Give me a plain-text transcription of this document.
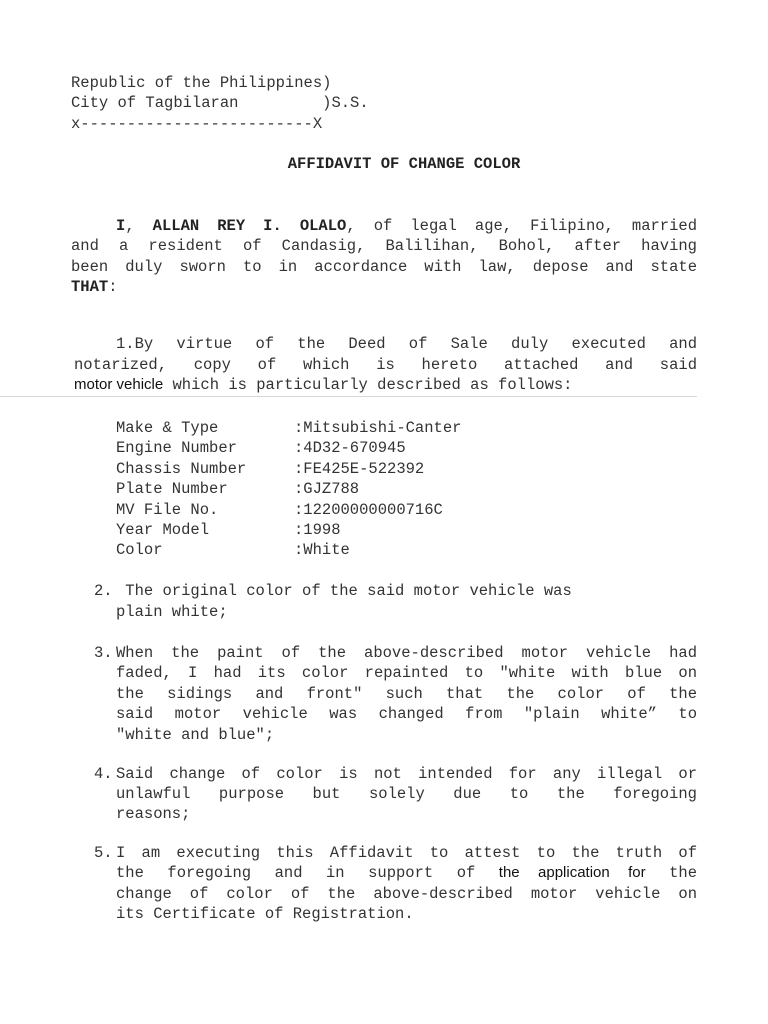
Republic of the Philippines)
City of Tagbilaran         )S.S.
x-------------------------X
AFFIDAVIT OF CHANGE COLOR
I, ALLAN REY I. OLALO, of legal age, Filipino, married
and a resident of Candasig, Balilihan, Bohol, after having
been duly sworn to in accordance with law, depose and state
THAT:
1.By virtue of the Deed of Sale duly executed and
notarized, copy of which is hereto attached and said
motor vehicle which is particularly described as follows:
Make & Type	:Mitsubishi-Canter
Engine Number	:4D32-670945
Chassis Number	:FE425E-522392
Plate Number	:GJZ788
MV File No.	:12200000000716C
Year Model	:1998
Color	:White
2. The original color of the said motor vehicle was
plain white;
3. When the paint of the above-described motor vehicle had
faded, I had its color repainted to "white with blue on
the sidings and front" such that the color of the
said motor vehicle was changed from "plain white” to
"white and blue";
4. Said change of color is not intended for any illegal or
unlawful purpose but solely due to the foregoing
reasons;
5. I am executing this Affidavit to attest to the truth of
the foregoing and in support of the application for the
change of color of the above-described motor vehicle on
its Certificate of Registration.
